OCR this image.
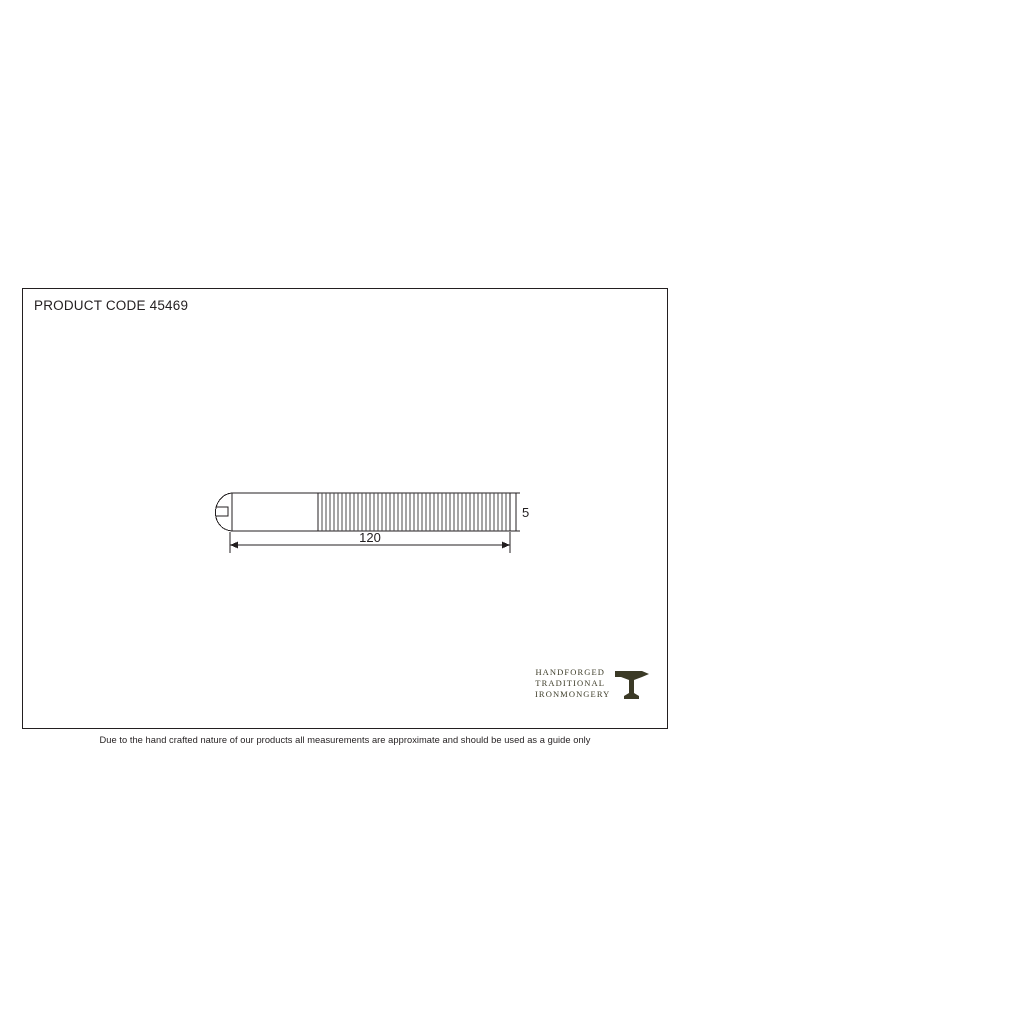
PRODUCT CODE 45469
120
5
HANDFORGED
TRADITIONAL
IRONMONGERY
Due to the hand crafted nature of our products all measurements are approximate and should be used as a guide only
